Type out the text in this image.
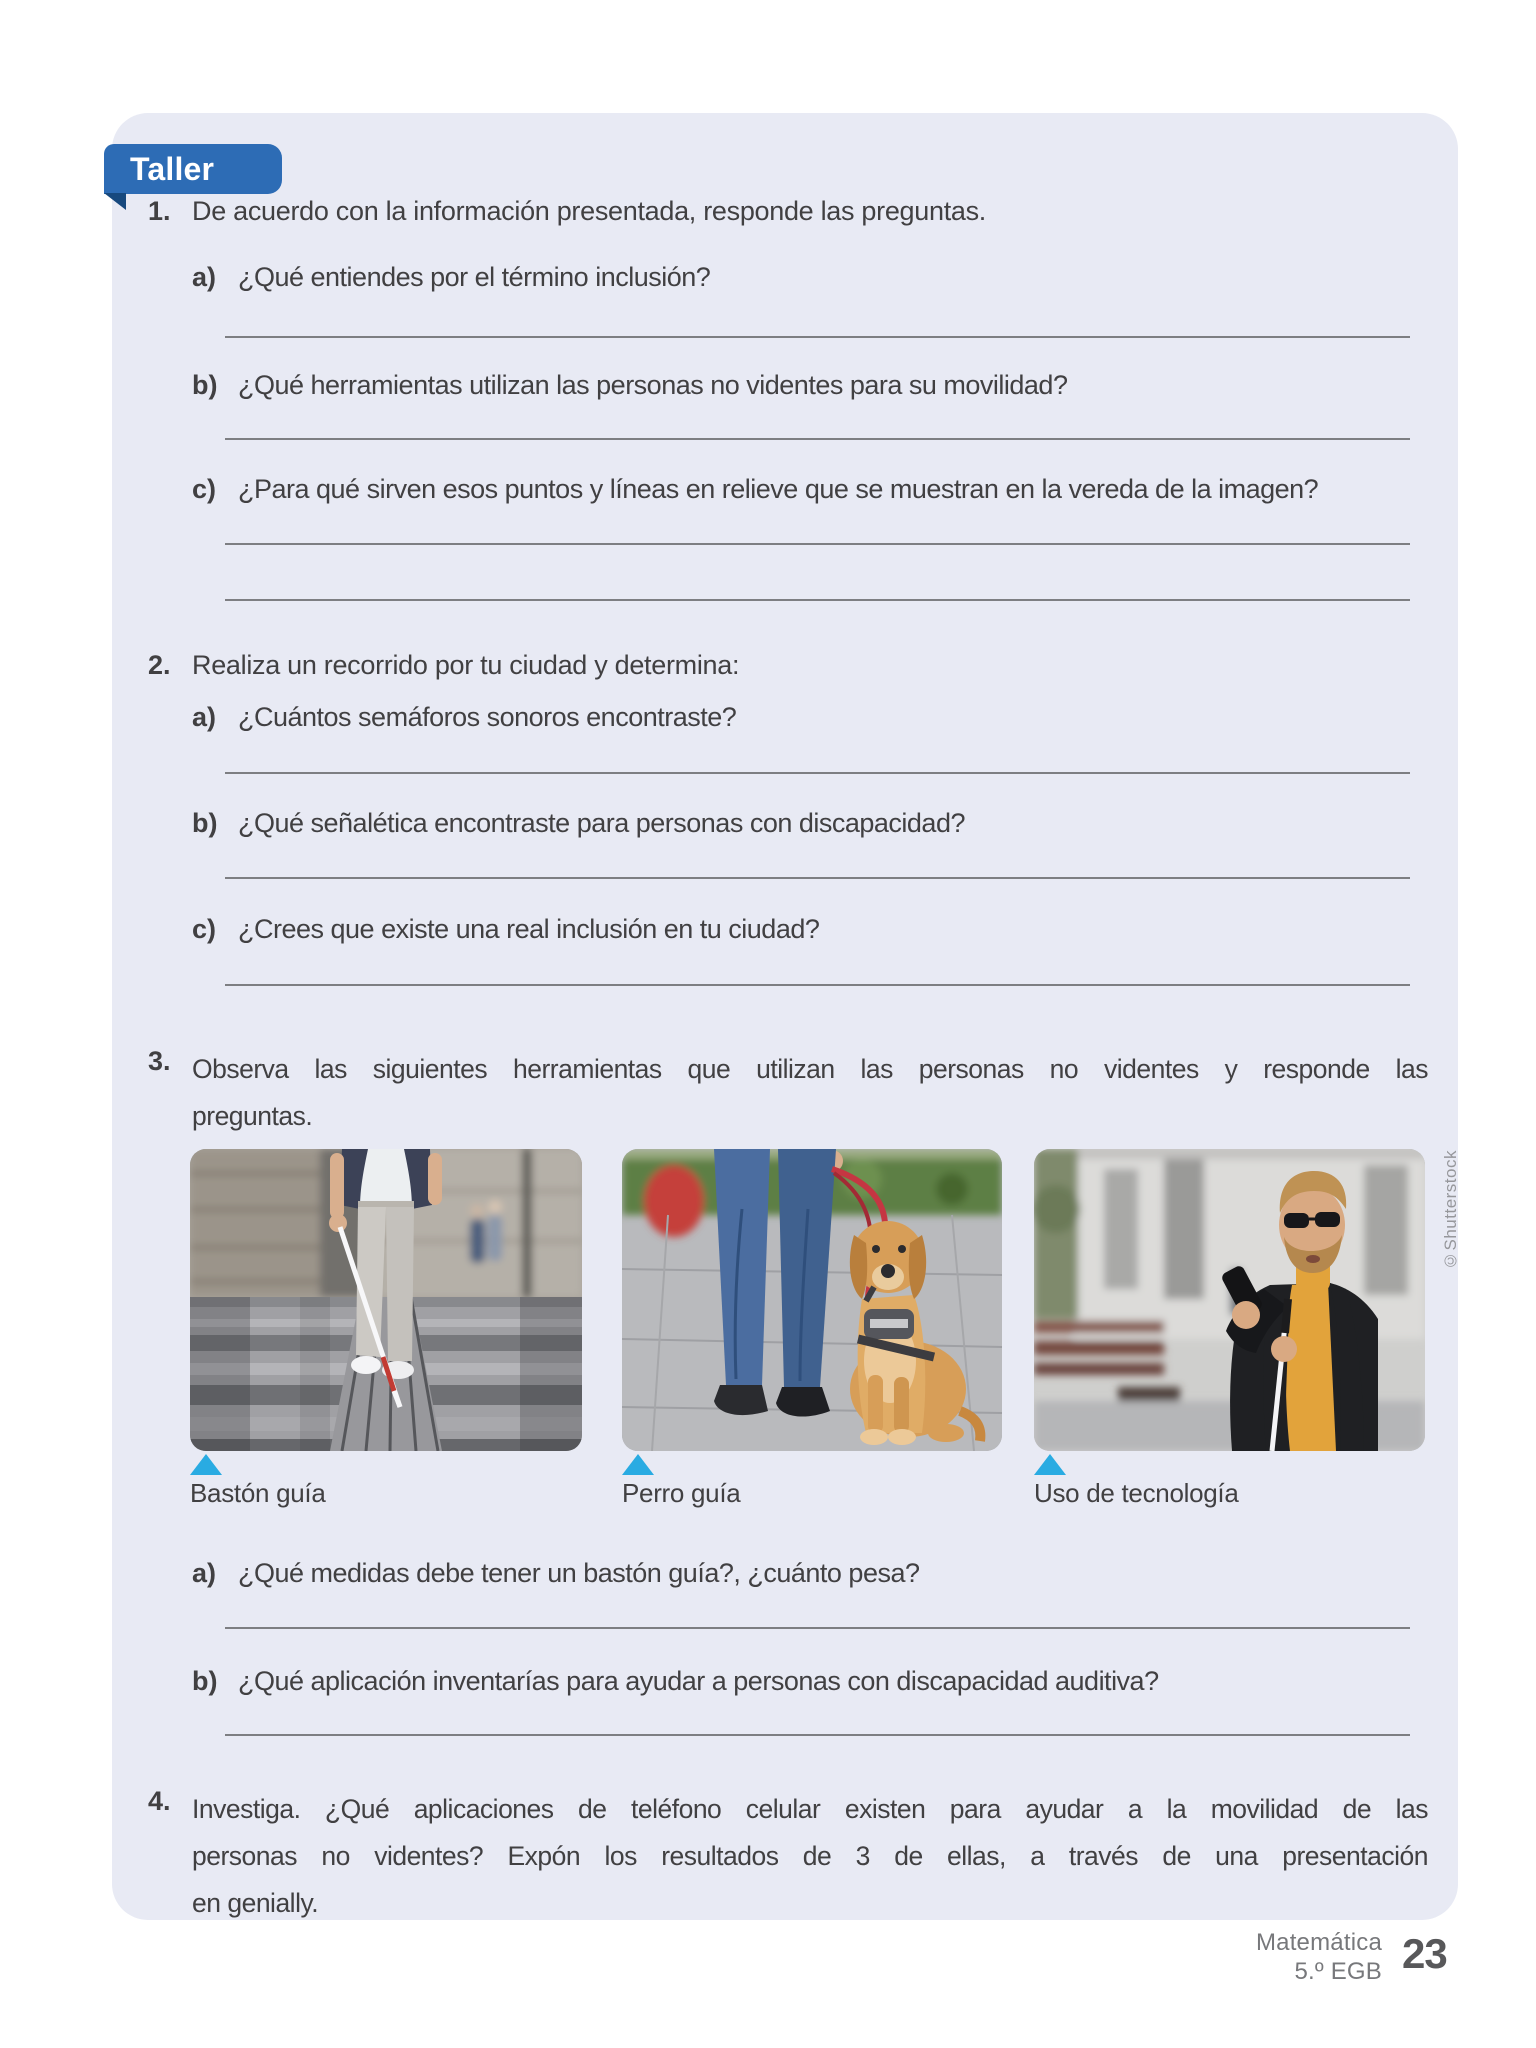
Taller
1. De acuerdo con la información presentada, responde las preguntas.
a) ¿Qué entiendes por el término inclusión?
b) ¿Qué herramientas utilizan las personas no videntes para su movilidad?
c) ¿Para qué sirven esos puntos y líneas en relieve que se muestran en la vereda de la imagen?
2. Realiza un recorrido por tu ciudad y determina:
a) ¿Cuántos semáforos sonoros encontraste?
b) ¿Qué señalética encontraste para personas con discapacidad?
c) ¿Crees que existe una real inclusión en tu ciudad?
3. Observa las siguientes herramientas que utilizan las personas no videntes y responde las
preguntas.
Bastón guía	Perro guía	Uso de tecnología
©Shutterstock
a) ¿Qué medidas debe tener un bastón guía?, ¿cuánto pesa?
b) ¿Qué aplicación inventarías para ayudar a personas con discapacidad auditiva?
4. Investiga. ¿Qué aplicaciones de teléfono celular existen para ayudar a la movilidad de las
personas no videntes? Expón los resultados de 3 de ellas, a través de una presentación
en genially.
Matemática
5.º EGB 23
